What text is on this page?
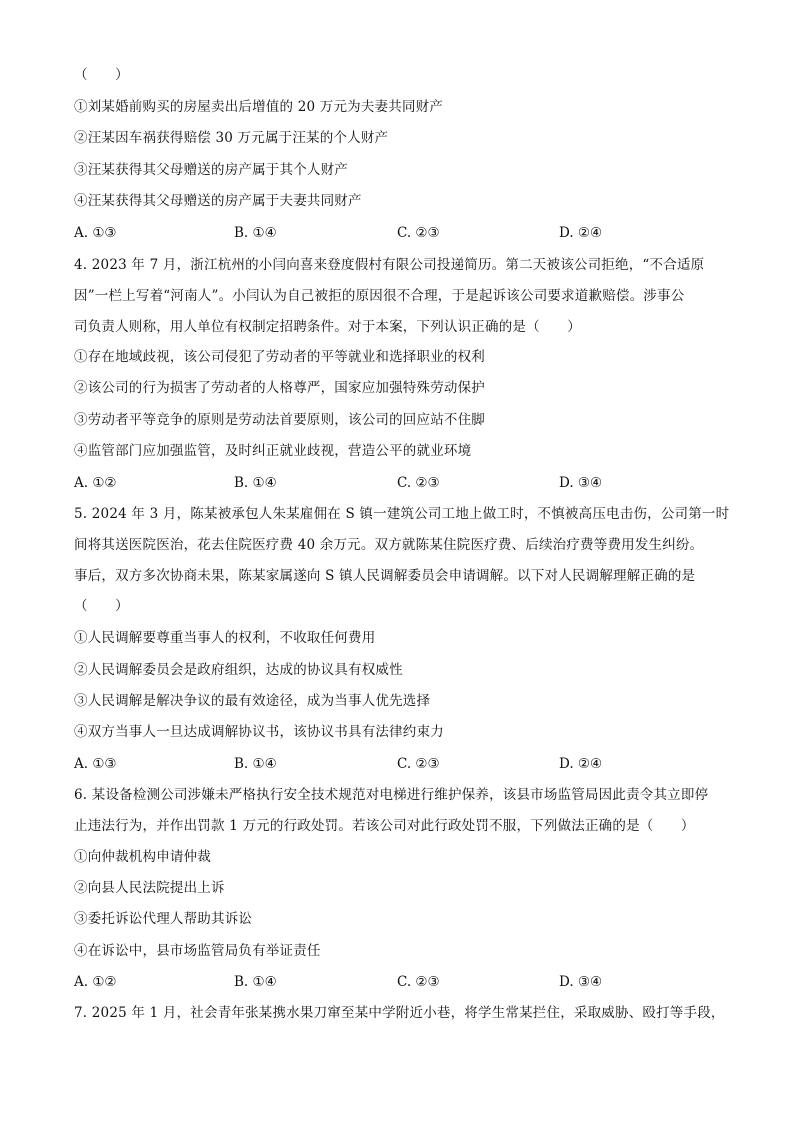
（　　）
①刘某婚前购买的房屋卖出后增值的 20 万元为夫妻共同财产
②汪某因车祸获得赔偿 30 万元属于汪某的个人财产
③汪某获得其父母赠送的房产属于其个人财产
④汪某获得其父母赠送的房产属于夫妻共同财产
A. ①③	B. ①④	C. ②③	D. ②④
4. 2023 年 7 月，浙江杭州的小闫向喜来登度假村有限公司投递简历。第二天被该公司拒绝，“不合适原
因”一栏上写着“河南人”。小闫认为自己被拒的原因很不合理，于是起诉该公司要求道歉赔偿。涉事公
司负责人则称，用人单位有权制定招聘条件。对于本案，下列认识正确的是（　　）
①存在地域歧视，该公司侵犯了劳动者的平等就业和选择职业的权利
②该公司的行为损害了劳动者的人格尊严，国家应加强特殊劳动保护
③劳动者平等竞争的原则是劳动法首要原则，该公司的回应站不住脚
④监管部门应加强监管，及时纠正就业歧视，营造公平的就业环境
A. ①②	B. ①④	C. ②③	D. ③④
5. 2024 年 3 月，陈某被承包人朱某雇佣在 S 镇一建筑公司工地上做工时，不慎被高压电击伤，公司第一时
间将其送医院医治，花去住院医疗费 40 余万元。双方就陈某住院医疗费、后续治疗费等费用发生纠纷。
事后，双方多次协商未果，陈某家属遂向 S 镇人民调解委员会申请调解。以下对人民调解理解正确的是
（　　）
①人民调解要尊重当事人的权利，不收取任何费用
②人民调解委员会是政府组织，达成的协议具有权威性
③人民调解是解决争议的最有效途径，成为当事人优先选择
④双方当事人一旦达成调解协议书，该协议书具有法律约束力
A. ①③	B. ①④	C. ②③	D. ②④
6. 某设备检测公司涉嫌未严格执行安全技术规范对电梯进行维护保养，该县市场监管局因此责令其立即停
止违法行为，并作出罚款 1 万元的行政处罚。若该公司对此行政处罚不服，下列做法正确的是（　　）
①向仲裁机构申请仲裁
②向县人民法院提出上诉
③委托诉讼代理人帮助其诉讼
④在诉讼中，县市场监管局负有举证责任
A. ①②	B. ①④	C. ②③	D. ③④
7. 2025 年 1 月，社会青年张某携水果刀窜至某中学附近小巷，将学生常某拦住，采取威胁、殴打等手段，
